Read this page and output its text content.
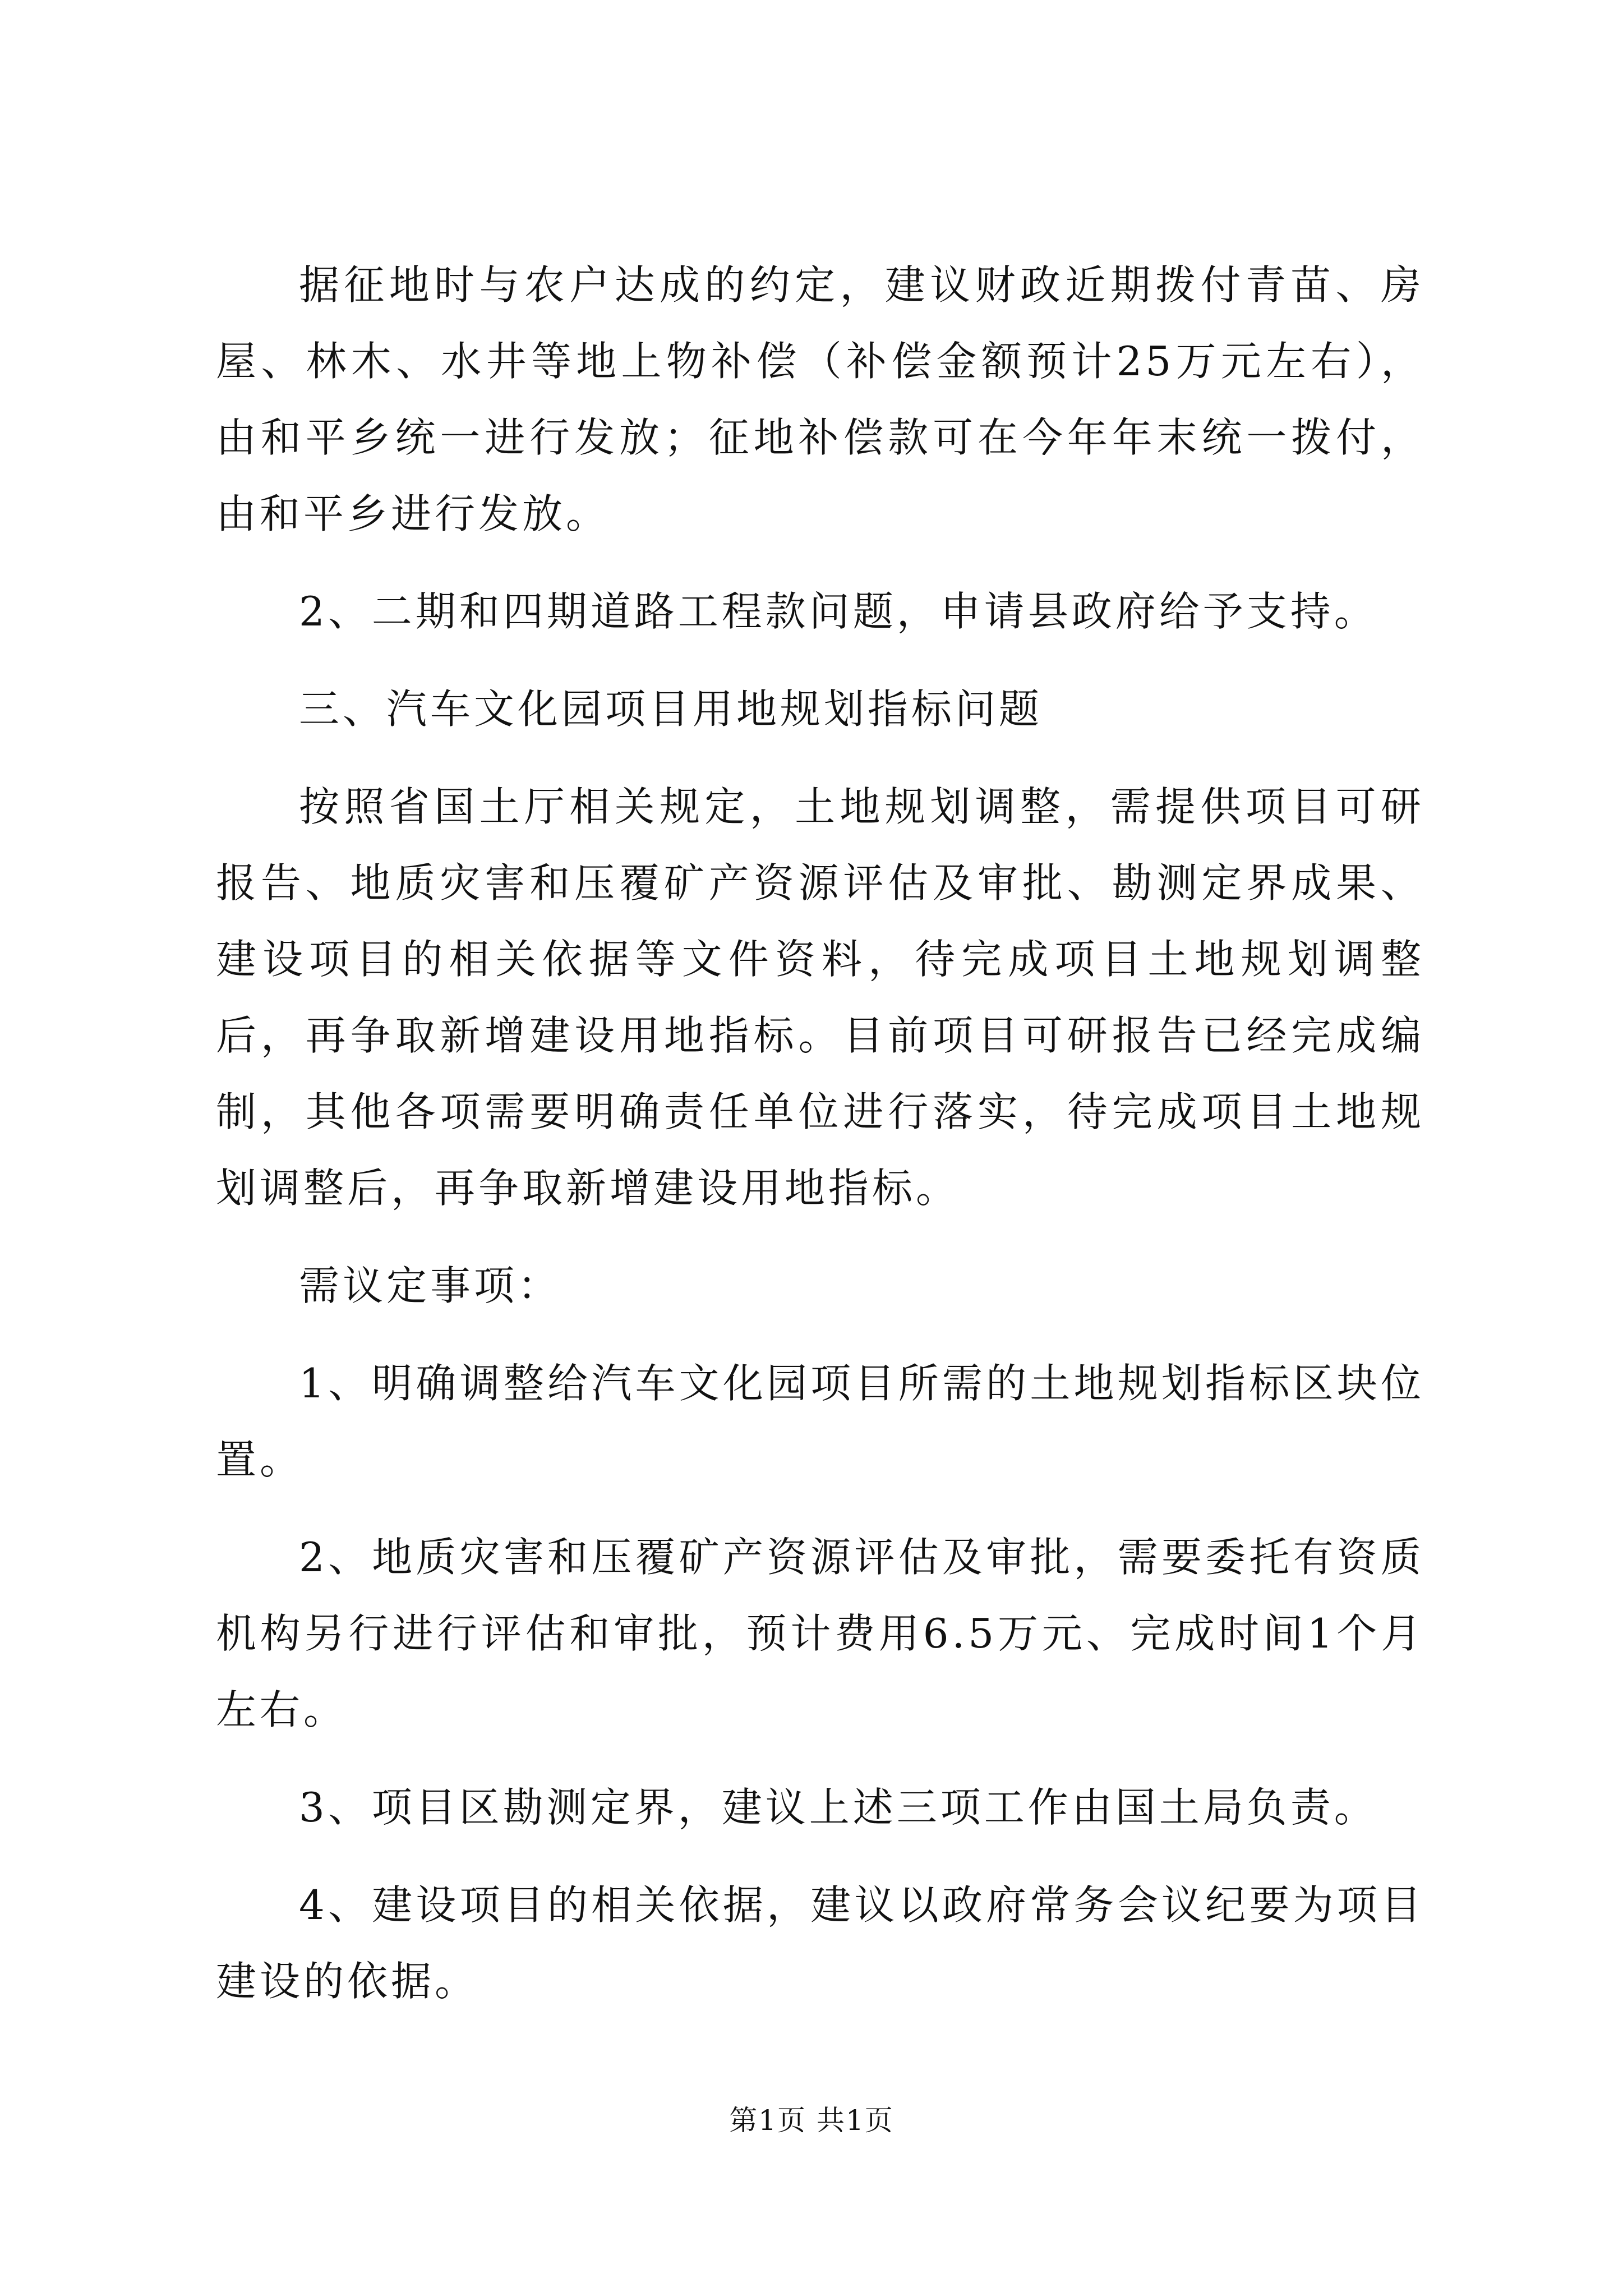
据征地时与农户达成的约定，建议财政近期拨付青苗、房屋、林木、水井等地上物补偿（补偿金额预计25万元左右），由和平乡统一进行发放；征地补偿款可在今年年末统一拨付，由和平乡进行发放。

2、二期和四期道路工程款问题，申请县政府给予支持。

三、汽车文化园项目用地规划指标问题

按照省国土厅相关规定，土地规划调整，需提供项目可研报告、地质灾害和压覆矿产资源评估及审批、勘测定界成果、建设项目的相关依据等文件资料，待完成项目土地规划调整后，再争取新增建设用地指标。目前项目可研报告已经完成编制，其他各项需要明确责任单位进行落实，待完成项目土地规划调整后，再争取新增建设用地指标。

需议定事项：

1、明确调整给汽车文化园项目所需的土地规划指标区块位置。

2、地质灾害和压覆矿产资源评估及审批，需要委托有资质机构另行进行评估和审批，预计费用6.5万元、完成时间1个月左右。

3、项目区勘测定界，建议上述三项工作由国土局负责。

4、建设项目的相关依据，建议以政府常务会议纪要为项目建设的依据。

第1页 共1页
